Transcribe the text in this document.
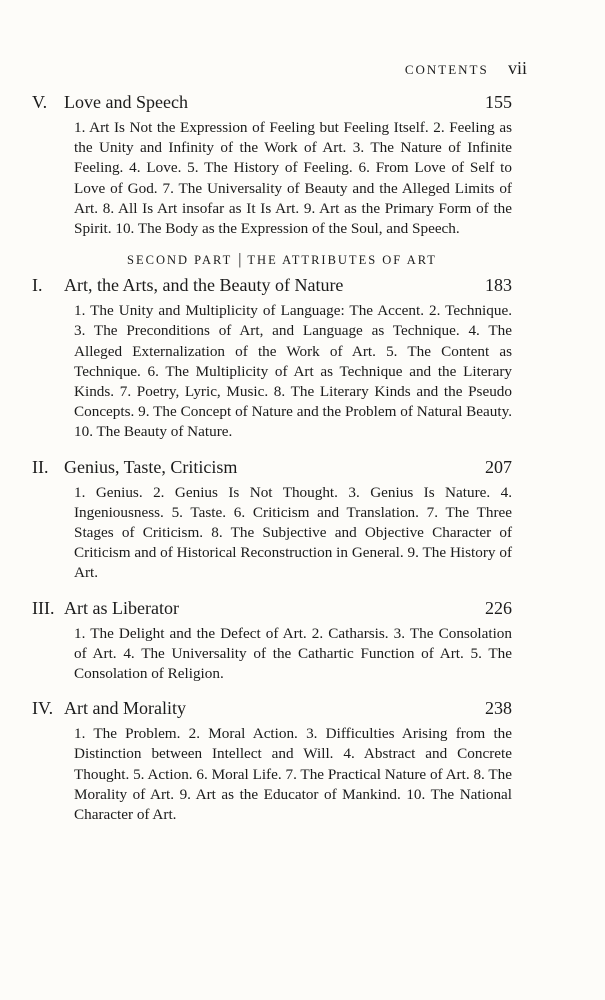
CONTENTS vii
V. Love and Speech	155
1. Art Is Not the Expression of Feeling but Feeling Itself. 2. Feeling as the Unity and Infinity of the Work of Art. 3. The Nature of Infinite Feeling. 4. Love. 5. The History of Feeling. 6. From Love of Self to Love of God. 7. The Universality of Beauty and the Alleged Limits of Art. 8. All Is Art insofar as It Is Art. 9. Art as the Primary Form of the Spirit. 10. The Body as the Expression of the Soul, and Speech.
SECOND PART | THE ATTRIBUTES OF ART
I.	Art, the Arts, and the Beauty of Nature	183
1. The Unity and Multiplicity of Language: The Accent. 2. Technique. 3. The Preconditions of Art, and Language as Technique. 4. The Alleged Externalization of the Work of Art. 5. The Content as Technique. 6. The Multiplicity of Art as Technique and the Literary Kinds. 7. Poetry, Lyric, Music. 8. The Literary Kinds and the Pseudo Concepts. 9. The Concept of Nature and the Problem of Natural Beauty. 10. The Beauty of Nature.
II. Genius, Taste, Criticism	207
1. Genius. 2. Genius Is Not Thought. 3. Genius Is Nature. 4. Ingeniousness. 5. Taste. 6. Criticism and Translation. 7. The Three Stages of Criticism. 8. The Subjective and Objective Character of Criticism and of Historical Reconstruction in General. 9. The History of Art.
III. Art as Liberator	226
1. The Delight and the Defect of Art. 2. Catharsis. 3. The Consolation of Art. 4. The Universality of the Cathartic Function of Art. 5. The Consolation of Religion.
IV. Art and Morality	238
1. The Problem. 2. Moral Action. 3. Difficulties Arising from the Distinction between Intellect and Will. 4. Abstract and Concrete Thought. 5. Action. 6. Moral Life. 7. The Practical Nature of Art. 8. The Morality of Art. 9. Art as the Educator of Mankind. 10. The National Character of Art.
